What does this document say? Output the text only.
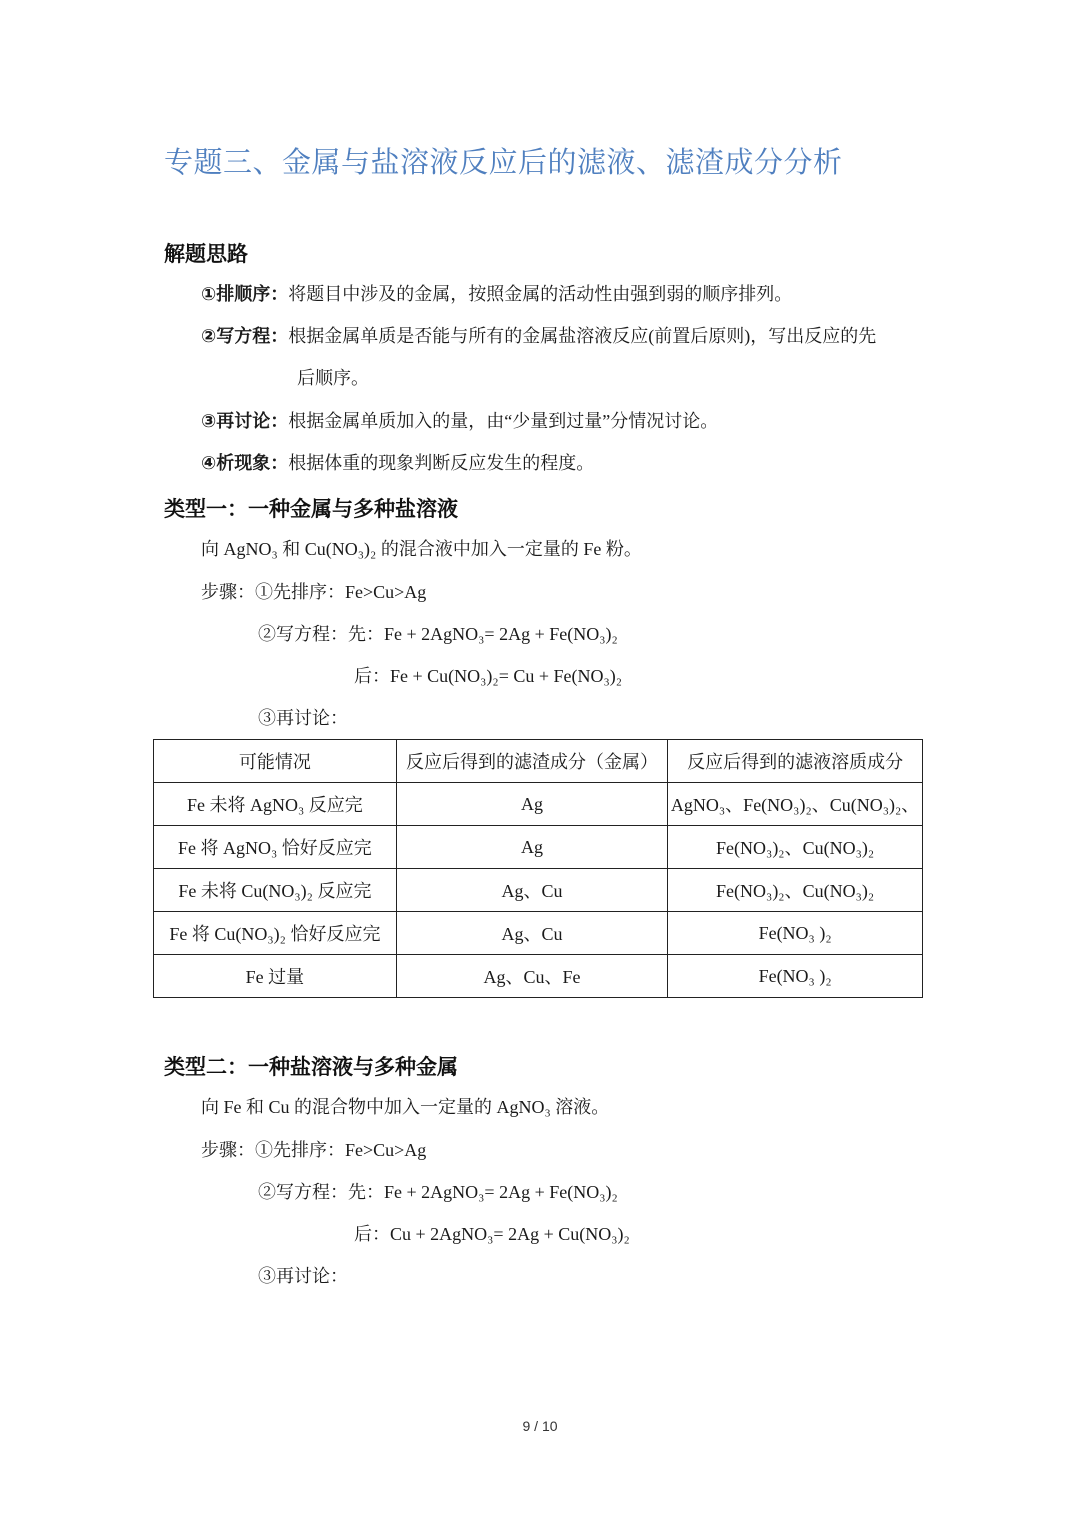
专题三、金属与盐溶液反应后的滤液、滤渣成分分析
解题思路
①排顺序：将题目中涉及的金属，按照金属的活动性由强到弱的顺序排列。
②写方程：根据金属单质是否能与所有的金属盐溶液反应(前置后原则)，写出反应的先
后顺序。
③再讨论：根据金属单质加入的量，由“少量到过量”分情况讨论。
④析现象：根据体重的现象判断反应发生的程度。
类型一：一种金属与多种盐溶液
向 AgNO₃ 和 Cu(NO₃)₂ 的混合液中加入一定量的 Fe 粉。
步骤：①先排序：Fe>Cu>Ag
②写方程：先：Fe + 2AgNO₃= 2Ag + Fe(NO₃)₂
后：Fe + Cu(NO₃)₂= Cu + Fe(NO₃)₂
③再讨论：
可能情况	反应后得到的滤渣成分（金属）	反应后得到的滤液溶质成分
Fe 未将 AgNO₃ 反应完	Ag	AgNO₃、Fe(NO₃)₂、Cu(NO₃)₂、
Fe 将 AgNO₃ 恰好反应完	Ag	Fe(NO₃)₂、Cu(NO₃)₂
Fe 未将 Cu(NO₃)₂ 反应完	Ag、Cu	Fe(NO₃)₂、Cu(NO₃)₂
Fe 将 Cu(NO₃)₂ 恰好反应完	Ag、Cu	Fe(NO₃ )₂
Fe 过量	Ag、Cu、Fe	Fe(NO₃ )₂
类型二：一种盐溶液与多种金属
向 Fe 和 Cu 的混合物中加入一定量的 AgNO₃ 溶液。
步骤：①先排序：Fe>Cu>Ag
②写方程：先：Fe + 2AgNO₃= 2Ag + Fe(NO₃)₂
后：Cu + 2AgNO₃= 2Ag + Cu(NO₃)₂
③再讨论：
9 / 10
